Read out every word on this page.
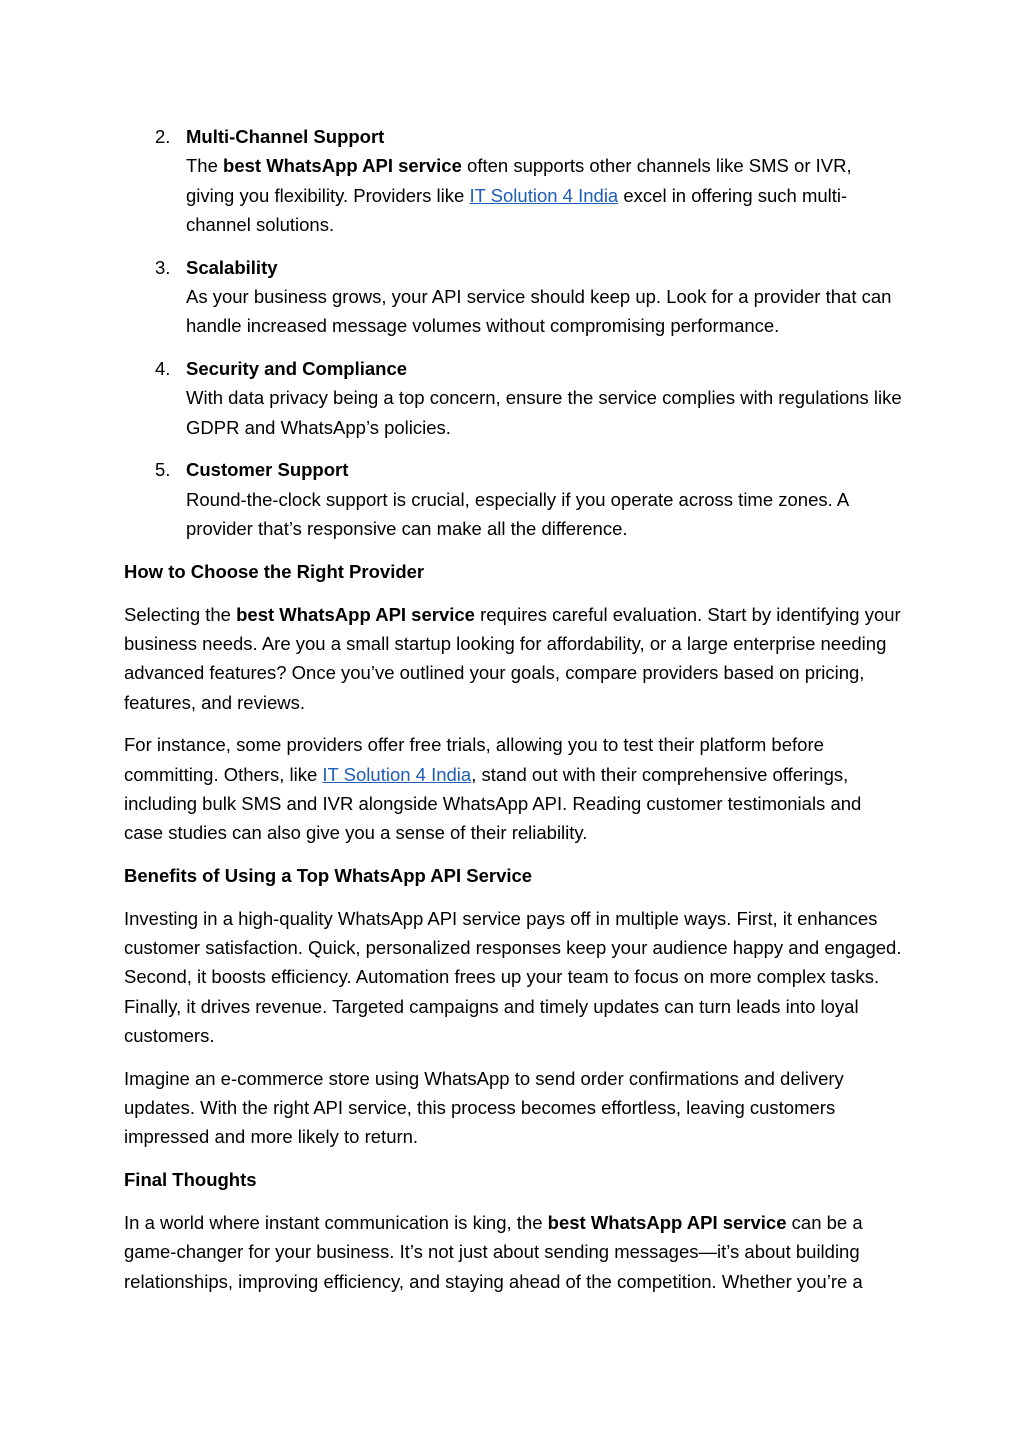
2. Multi-Channel Support
The best WhatsApp API service often supports other channels like SMS or IVR, giving you flexibility. Providers like IT Solution 4 India excel in offering such multi-channel solutions.
3. Scalability
As your business grows, your API service should keep up. Look for a provider that can handle increased message volumes without compromising performance.
4. Security and Compliance
With data privacy being a top concern, ensure the service complies with regulations like GDPR and WhatsApp’s policies.
5. Customer Support
Round-the-clock support is crucial, especially if you operate across time zones. A provider that’s responsive can make all the difference.

How to Choose the Right Provider

Selecting the best WhatsApp API service requires careful evaluation. Start by identifying your business needs. Are you a small startup looking for affordability, or a large enterprise needing advanced features? Once you’ve outlined your goals, compare providers based on pricing, features, and reviews.

For instance, some providers offer free trials, allowing you to test their platform before committing. Others, like IT Solution 4 India, stand out with their comprehensive offerings, including bulk SMS and IVR alongside WhatsApp API. Reading customer testimonials and case studies can also give you a sense of their reliability.

Benefits of Using a Top WhatsApp API Service

Investing in a high-quality WhatsApp API service pays off in multiple ways. First, it enhances customer satisfaction. Quick, personalized responses keep your audience happy and engaged. Second, it boosts efficiency. Automation frees up your team to focus on more complex tasks. Finally, it drives revenue. Targeted campaigns and timely updates can turn leads into loyal customers.

Imagine an e-commerce store using WhatsApp to send order confirmations and delivery updates. With the right API service, this process becomes effortless, leaving customers impressed and more likely to return.

Final Thoughts

In a world where instant communication is king, the best WhatsApp API service can be a game-changer for your business. It’s not just about sending messages—it’s about building relationships, improving efficiency, and staying ahead of the competition. Whether you’re a
